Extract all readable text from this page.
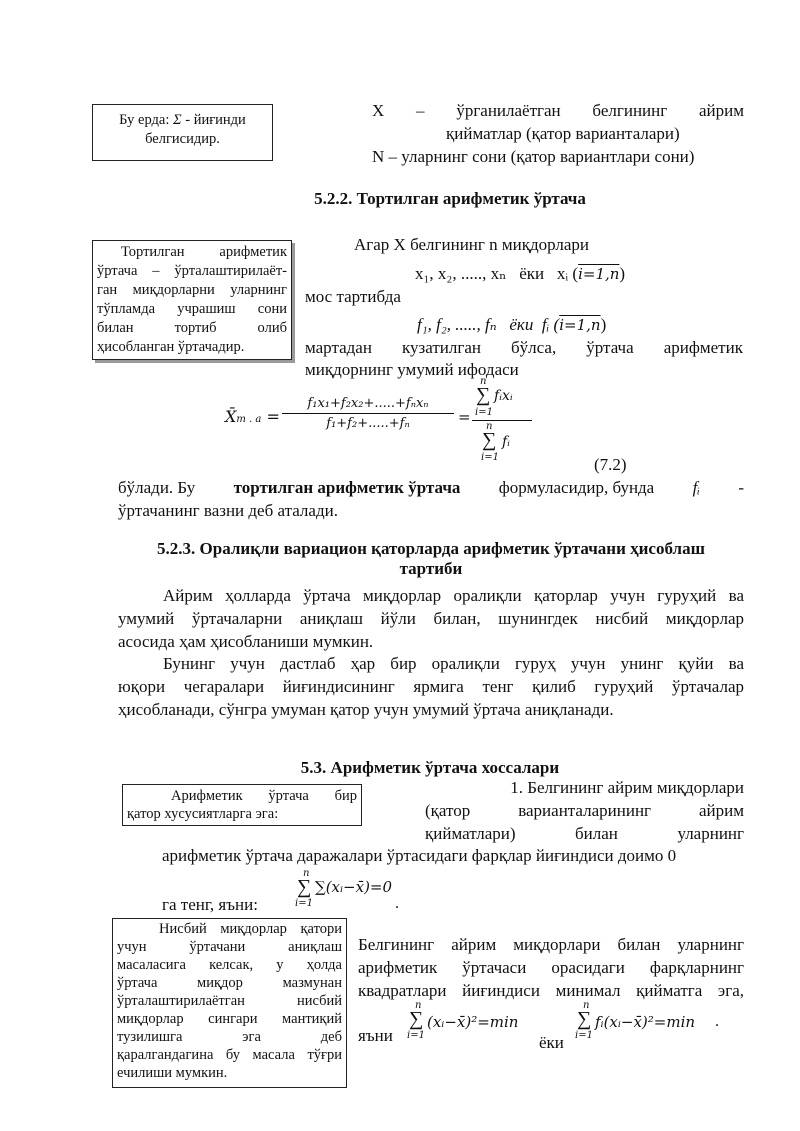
Бу ерда: Σ - йиғинди
белгисидир.
X – ўрганилаётган белгининг айрим
қийматлар (қатор варианталари)
N – уларнинг сони (қатор вариантлари сони)
5.2.2. Тортилган арифметик ўртача
Тортилган арифметик
ўртача – ўрталаштирилаёт-
ган миқдорларни уларнинг
тўпламда учрашиш сони
билан тортиб олиб
ҳисобланган ўртачадир.
Агар X белгининг n миқдорлари
x₁, x₂, ....., xₙ ёки xᵢ (i=1,n)
мос тартибда
f₁, f₂, ....., fₙ ёки fᵢ (i=1,n)
мартадан кузатилган бўлса, ўртача арифметик
миқдорнинг умумий ифодаси
X̄т . а =
f₁x₁+f₂x₂+.....+fₙxₙ
f₁+f₂+.....+fₙ	=
n
∑
i=1
fᵢxᵢ
n
∑
i=1
fᵢ
(7.2)
бўлади. Бу тортилган арифметик ўртача формуласидир, бунда fᵢ -
ўртачанинг вазни деб аталади.
5.2.3. Оралиқли вариацион қаторларда арифметик ўртачани ҳисоблаш
тартиби
Айрим ҳолларда ўртача миқдорлар оралиқли қаторлар учун гуруҳий ва
умумий ўртачаларни аниқлаш йўли билан, шунингдек нисбий миқдорлар
асосида ҳам ҳисобланиши мумкин.
Бунинг учун дастлаб ҳар бир оралиқли гуруҳ учун унинг қуйи ва
юқори чегаралари йиғиндисининг ярмига тенг қилиб гуруҳий ўртачалар
ҳисобланади, сўнгра умуман қатор учун умумий ўртача аниқланади.
5.3. Арифметик ўртача хоссалари
Арифметик ўртача бир
қатор хусусиятларга эга:
1. Белгининг айрим миқдорлари
(қатор	варианталарининг	айрим
қийматлари)	билан	уларнинг
арифметик ўртача даражалари ўртасидаги фарқлар йиғиндиси доимо 0
га тенг, яъни:
n
∑
i=1
∑(xᵢ−x̄)=0
.
Нисбий миқдорлар қатори
учун ўртачани аниқлаш
масаласига келсак, у ҳолда
ўртача миқдор мазмунан
ўрталаштирилаётган нисбий
миқдорлар сингари мантиқий
тузилишга эга деб
қаралгандагина бу масала тўғри
ечилиши мумкин.
Белгининг айрим миқдорлари билан уларнинг
арифметик ўртачаси орасидаги фарқларнинг
квадратлари йиғиндиси минимал қийматга эга,
яъни
n
∑
i=1
(xᵢ−x̄)²=min
ёки
n
∑
i=1
fᵢ(xᵢ−x̄)²=min .
